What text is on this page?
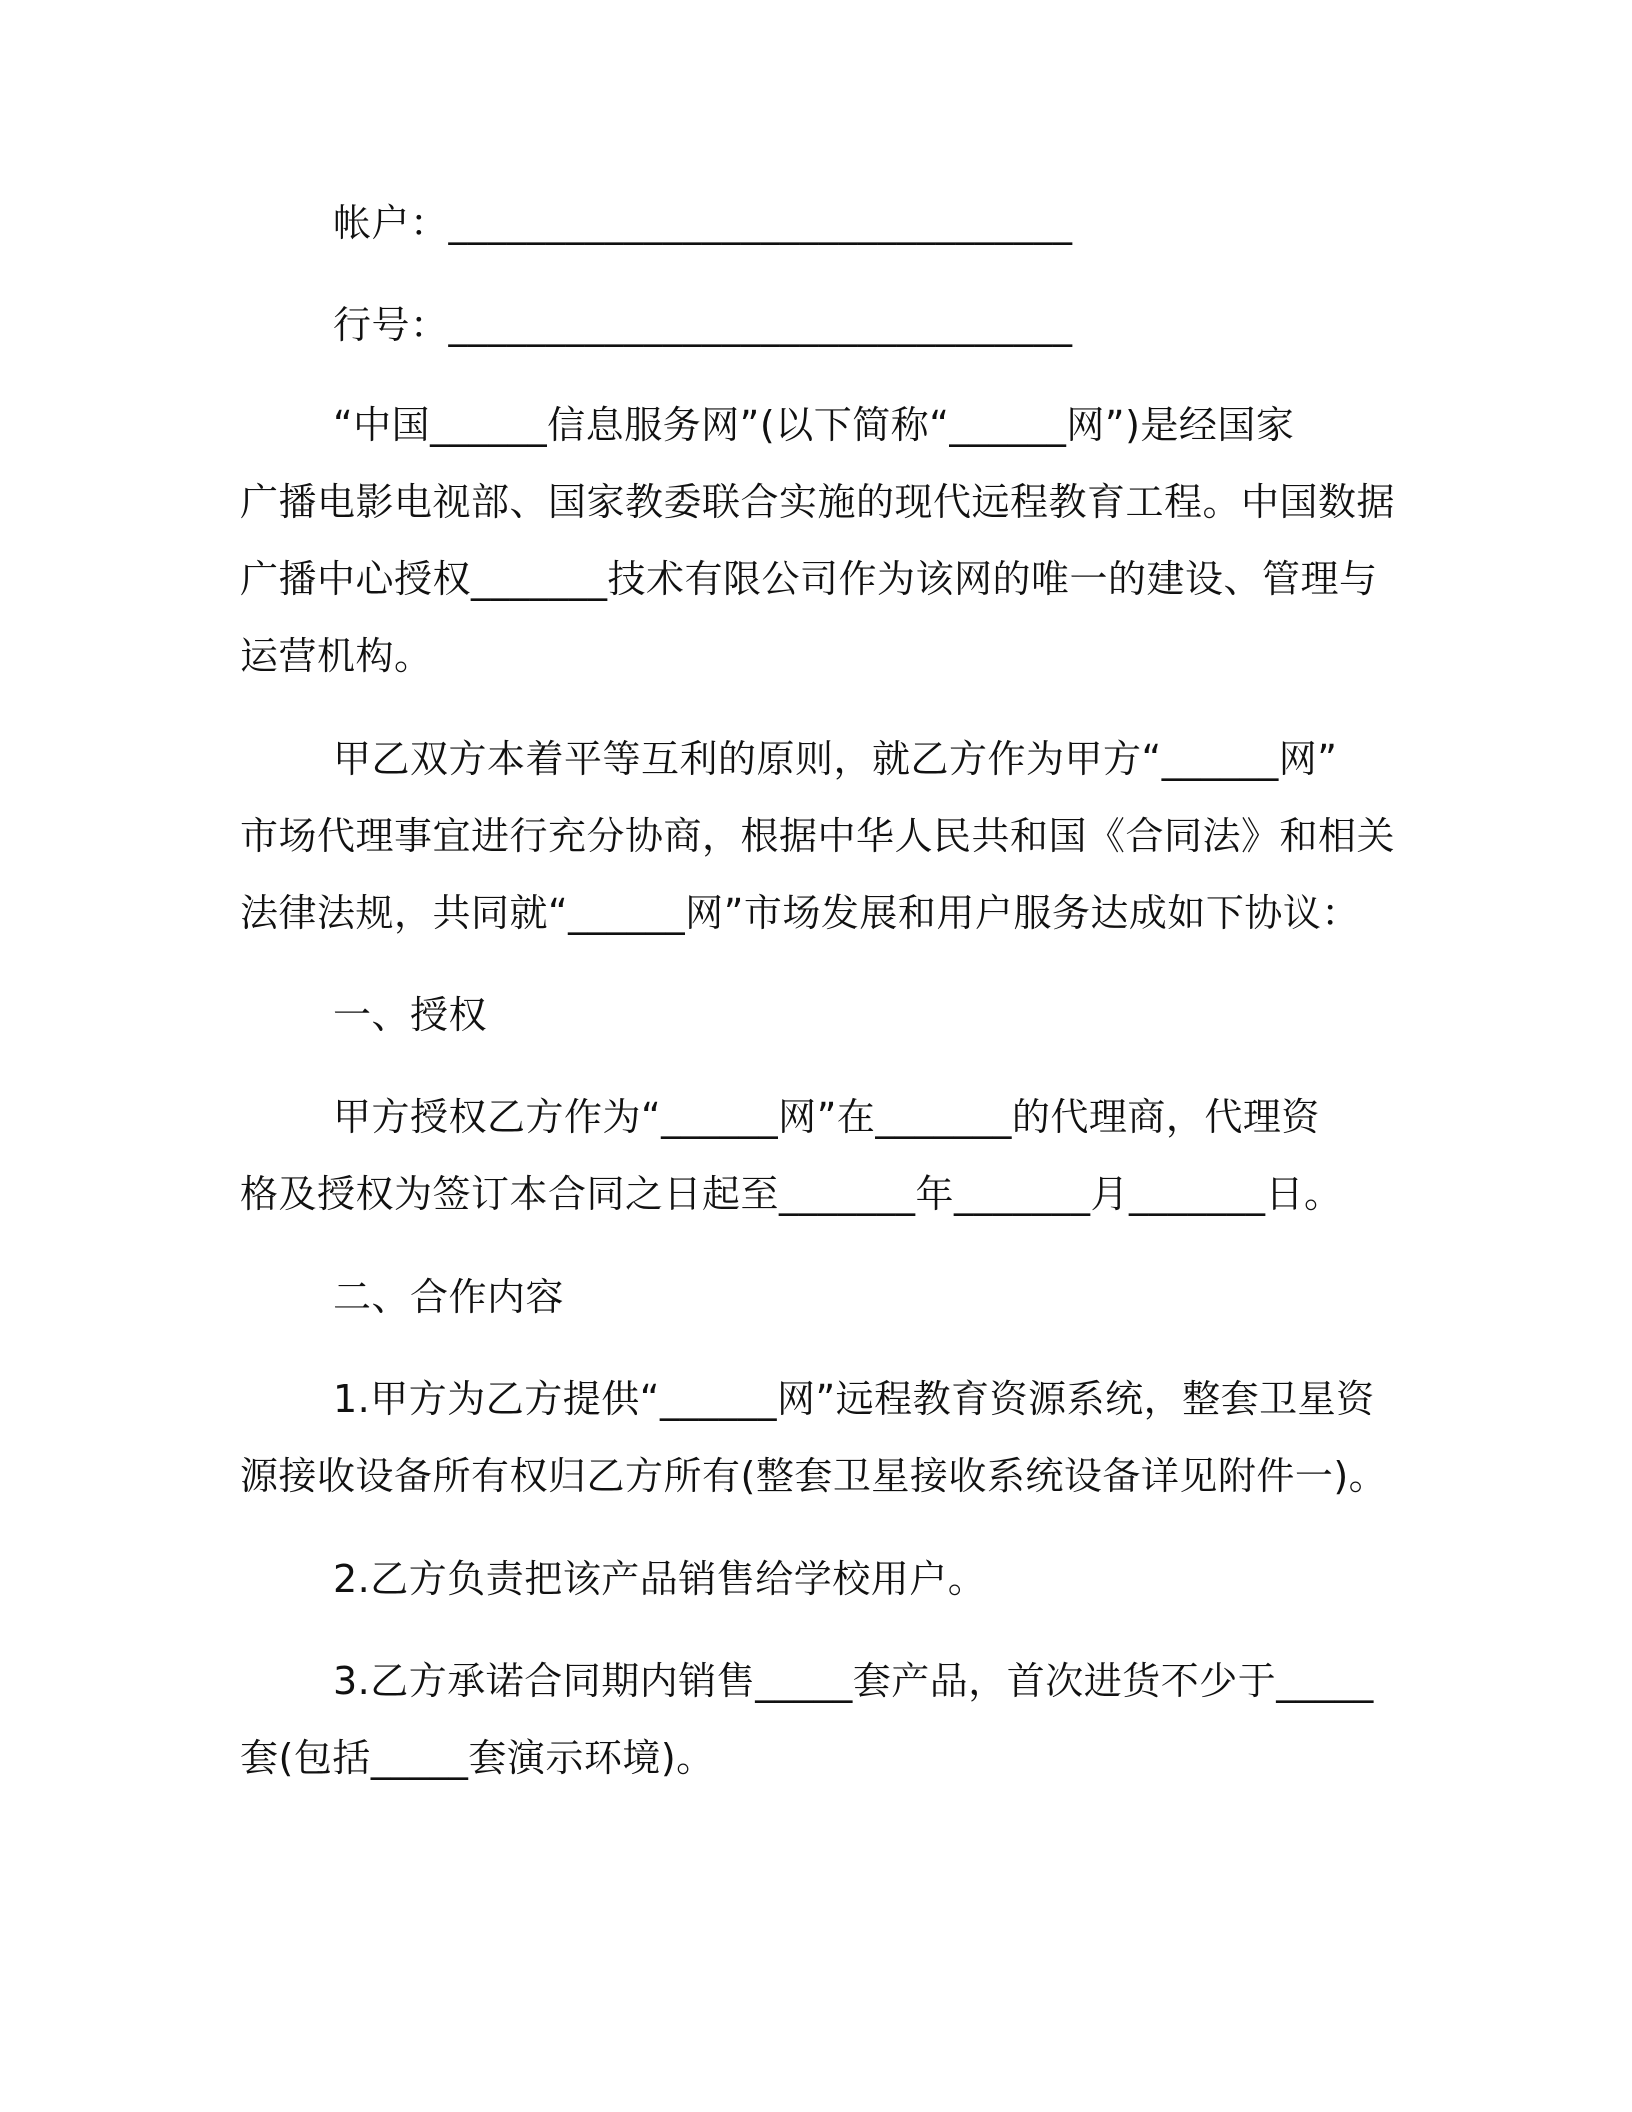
帐户：________________________________
行号：________________________________
“中国______信息服务网”(以下简称“______网”)是经国家
广播电影电视部、国家教委联合实施的现代远程教育工程。中国数据
广播中心授权_______技术有限公司作为该网的唯一的建设、管理与
运营机构。
甲乙双方本着平等互利的原则，就乙方作为甲方“______网”
市场代理事宜进行充分协商，根据中华人民共和国《合同法》和相关
法律法规，共同就“______网”市场发展和用户服务达成如下协议：
一、授权
甲方授权乙方作为“______网”在_______的代理商，代理资
格及授权为签订本合同之日起至_______年_______月_______日。
二、合作内容
1.甲方为乙方提供“______网”远程教育资源系统，整套卫星资
源接收设备所有权归乙方所有(整套卫星接收系统设备详见附件一)。
2.乙方负责把该产品销售给学校用户。
3.乙方承诺合同期内销售_____套产品，首次进货不少于_____
套(包括_____套演示环境)。
